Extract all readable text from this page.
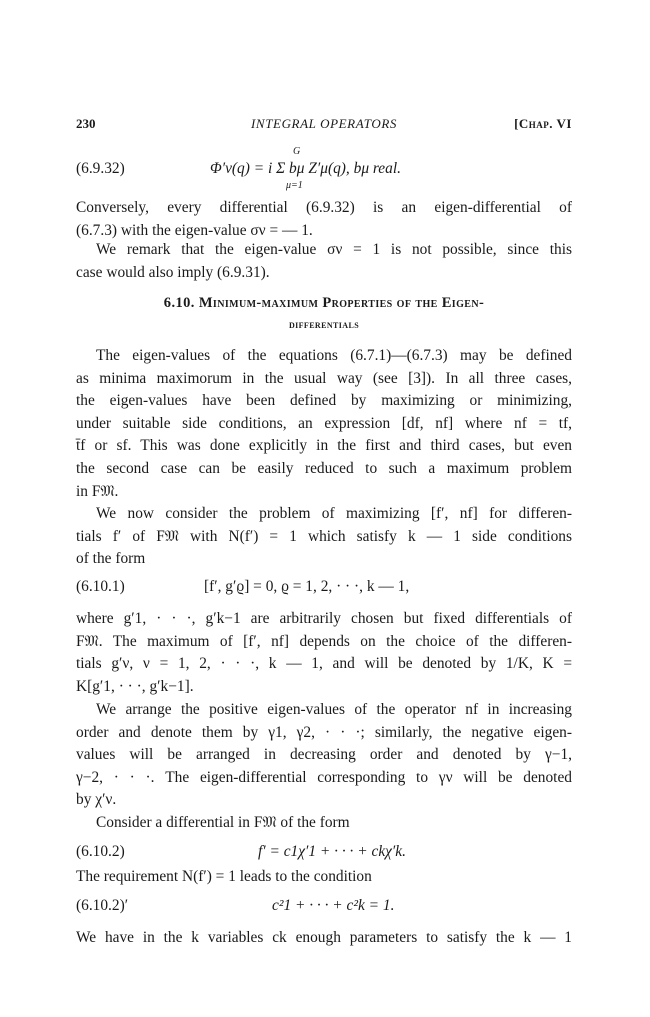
230	INTEGRAL OPERATORS	[Chap. VI
(6.9.32)
G
Φ′ν(q) = i Σ bμ Z′μ(q), bμ real.
μ=1
Conversely, every differential (6.9.32) is an eigen-differential of
(6.7.3) with the eigen-value σν = — 1.
We remark that the eigen-value σν = 1 is not possible, since this
case would also imply (6.9.31).
6.10. Minimum-maximum Properties of the Eigen-
differentials
The eigen-values of the equations (6.7.1)—(6.7.3) may be defined
as minima maximorum in the usual way (see [3]). In all three cases,
the eigen-values have been defined by maximizing or minimizing,
under suitable side conditions, an expression [df, nf] where nf = tf,
t̄f or sf. This was done explicitly in the first and third cases, but even
the second case can be easily reduced to such a maximum problem
in F𝔐.
We now consider the problem of maximizing [f′, nf] for differen-
tials f′ of F𝔐 with N(f′) = 1 which satisfy k — 1 side conditions
of the form
(6.10.1)	[f′, g′ϱ] = 0, ϱ = 1, 2, · · ·, k — 1,
where g′1, · · ·, g′k−1 are arbitrarily chosen but fixed differentials of
F𝔐. The maximum of [f′, nf] depends on the choice of the differen-
tials g′ν, ν = 1, 2, · · ·, k — 1, and will be denoted by 1/K, K =
K[g′1, · · ·, g′k−1].
We arrange the positive eigen-values of the operator nf in increasing
order and denote them by γ1, γ2, · · ·; similarly, the negative eigen-
values will be arranged in decreasing order and denoted by γ−1,
γ−2, · · ·. The eigen-differential corresponding to γν will be denoted
by χ′ν.
Consider a differential in F𝔐 of the form
(6.10.2)	f′ = c1χ′1 + · · · + ckχ′k.
The requirement N(f′) = 1 leads to the condition
(6.10.2)′	c²1 + · · · + c²k = 1.
We have in the k variables ck enough parameters to satisfy the k — 1
